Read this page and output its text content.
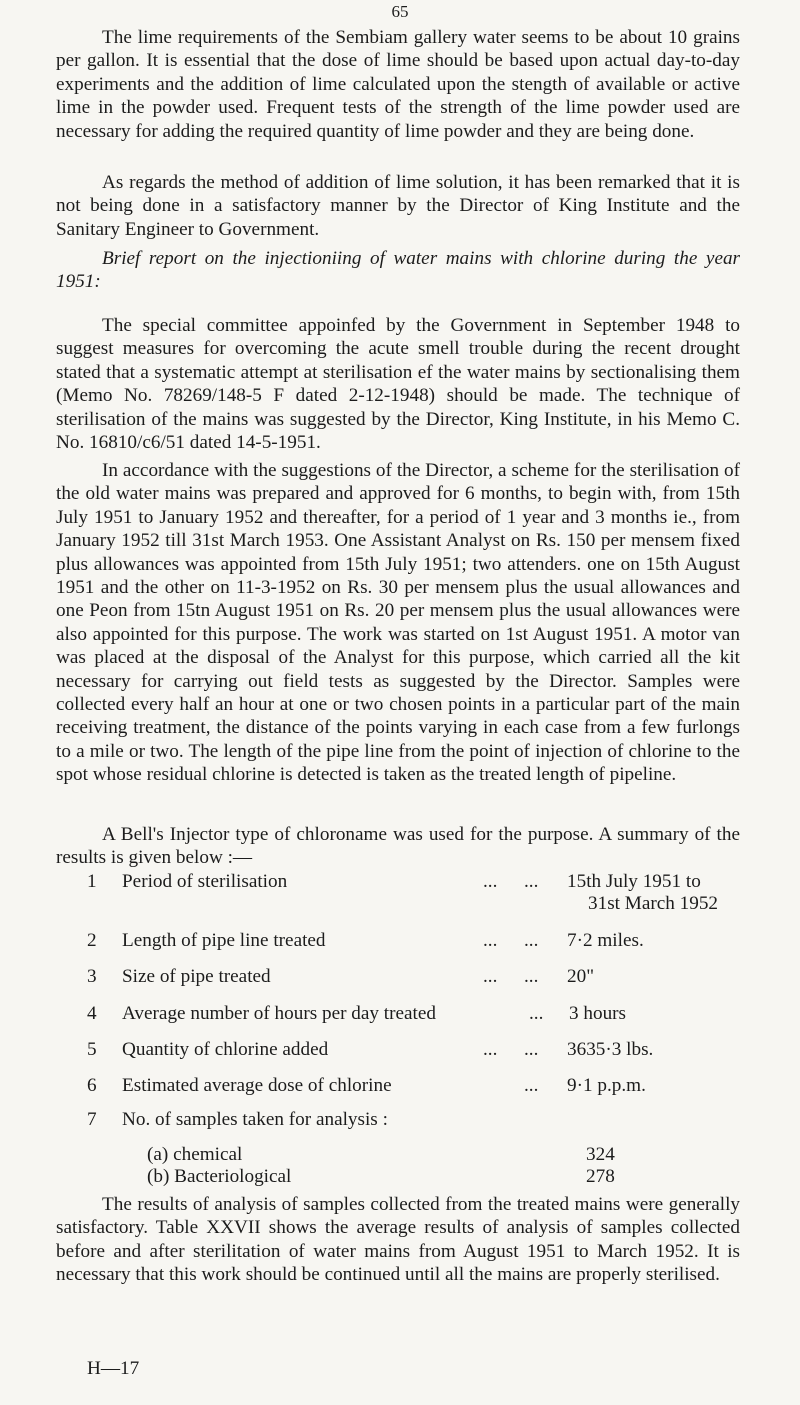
65
The lime requirements of the Sembiam gallery water seems to be about 10 grains per gallon. It is essential that the dose of lime should be based upon actual day-to-day experiments and the addition of lime calculated upon the stength of available or active lime in the powder used. Frequent tests of the strength of the lime powder used are necessary for adding the required quantity of lime powder and they are being done.
As regards the method of addition of lime solution, it has been remarked that it is not being done in a satisfactory manner by the Director of King Institute and the Sanitary Engineer to Government.
Brief report on the injectioniing of water mains with chlorine during the year 1951:
The special committee appoinfed by the Government in September 1948 to suggest measures for overcoming the acute smell trouble during the recent drought stated that a systematic attempt at sterilisation ef the water mains by sectionalising them (Memo No. 78269/148-5 F dated 2-12-1948) should be made. The technique of sterilisation of the mains was suggested by the Director, King Institute, in his Memo C. No. 16810/c6/51 dated 14-5-1951.
In accordance with the suggestions of the Director, a scheme for the sterilisation of the old water mains was prepared and approved for 6 months, to begin with, from 15th July 1951 to January 1952 and thereafter, for a period of 1 year and 3 months ie., from January 1952 till 31st March 1953. One Assistant Analyst on Rs. 150 per mensem fixed plus allowances was appointed from 15th July 1951; two attenders. one on 15th August 1951 and the other on 11-3-1952 on Rs. 30 per mensem plus the usual allowances and one Peon from 15tn August 1951 on Rs. 20 per mensem plus the usual allowances were also appointed for this purpose. The work was started on 1st August 1951. A motor van was placed at the disposal of the Analyst for this purpose, which carried all the kit necessary for carrying out field tests as suggested by the Director. Samples were collected every half an hour at one or two chosen points in a particular part of the main receiving treatment, the distance of the points varying in each case from a few furlongs to a mile or two. The length of the pipe line from the point of injection of chlorine to the spot whose residual chlorine is detected is taken as the treated length of pipeline.
A Bell's Injector type of chloroname was used for the purpose. A summary of the results is given below :—
1 Period of sterilisation	... ... 15th July 1951 to
31st March 1952
2 Length of pipe line treated	... ... 7·2 miles.
3 Size of pipe treated	... ... 20"
4 Average number of hours per day treated	... 3 hours
5 Quantity of chlorine added	... ... 3635·3 lbs.
6 Estimated average dose of chlorine	... 9·1 p.p.m.
7 No. of samples taken for analysis :
(a) chemical	324
(b) Bacteriological	278
The results of analysis of samples collected from the treated mains were generally satisfactory. Table XXVII shows the average results of analysis of samples collected before and after sterilitation of water mains from August 1951 to March 1952. It is necessary that this work should be continued until all the mains are properly sterilised.
H—17
